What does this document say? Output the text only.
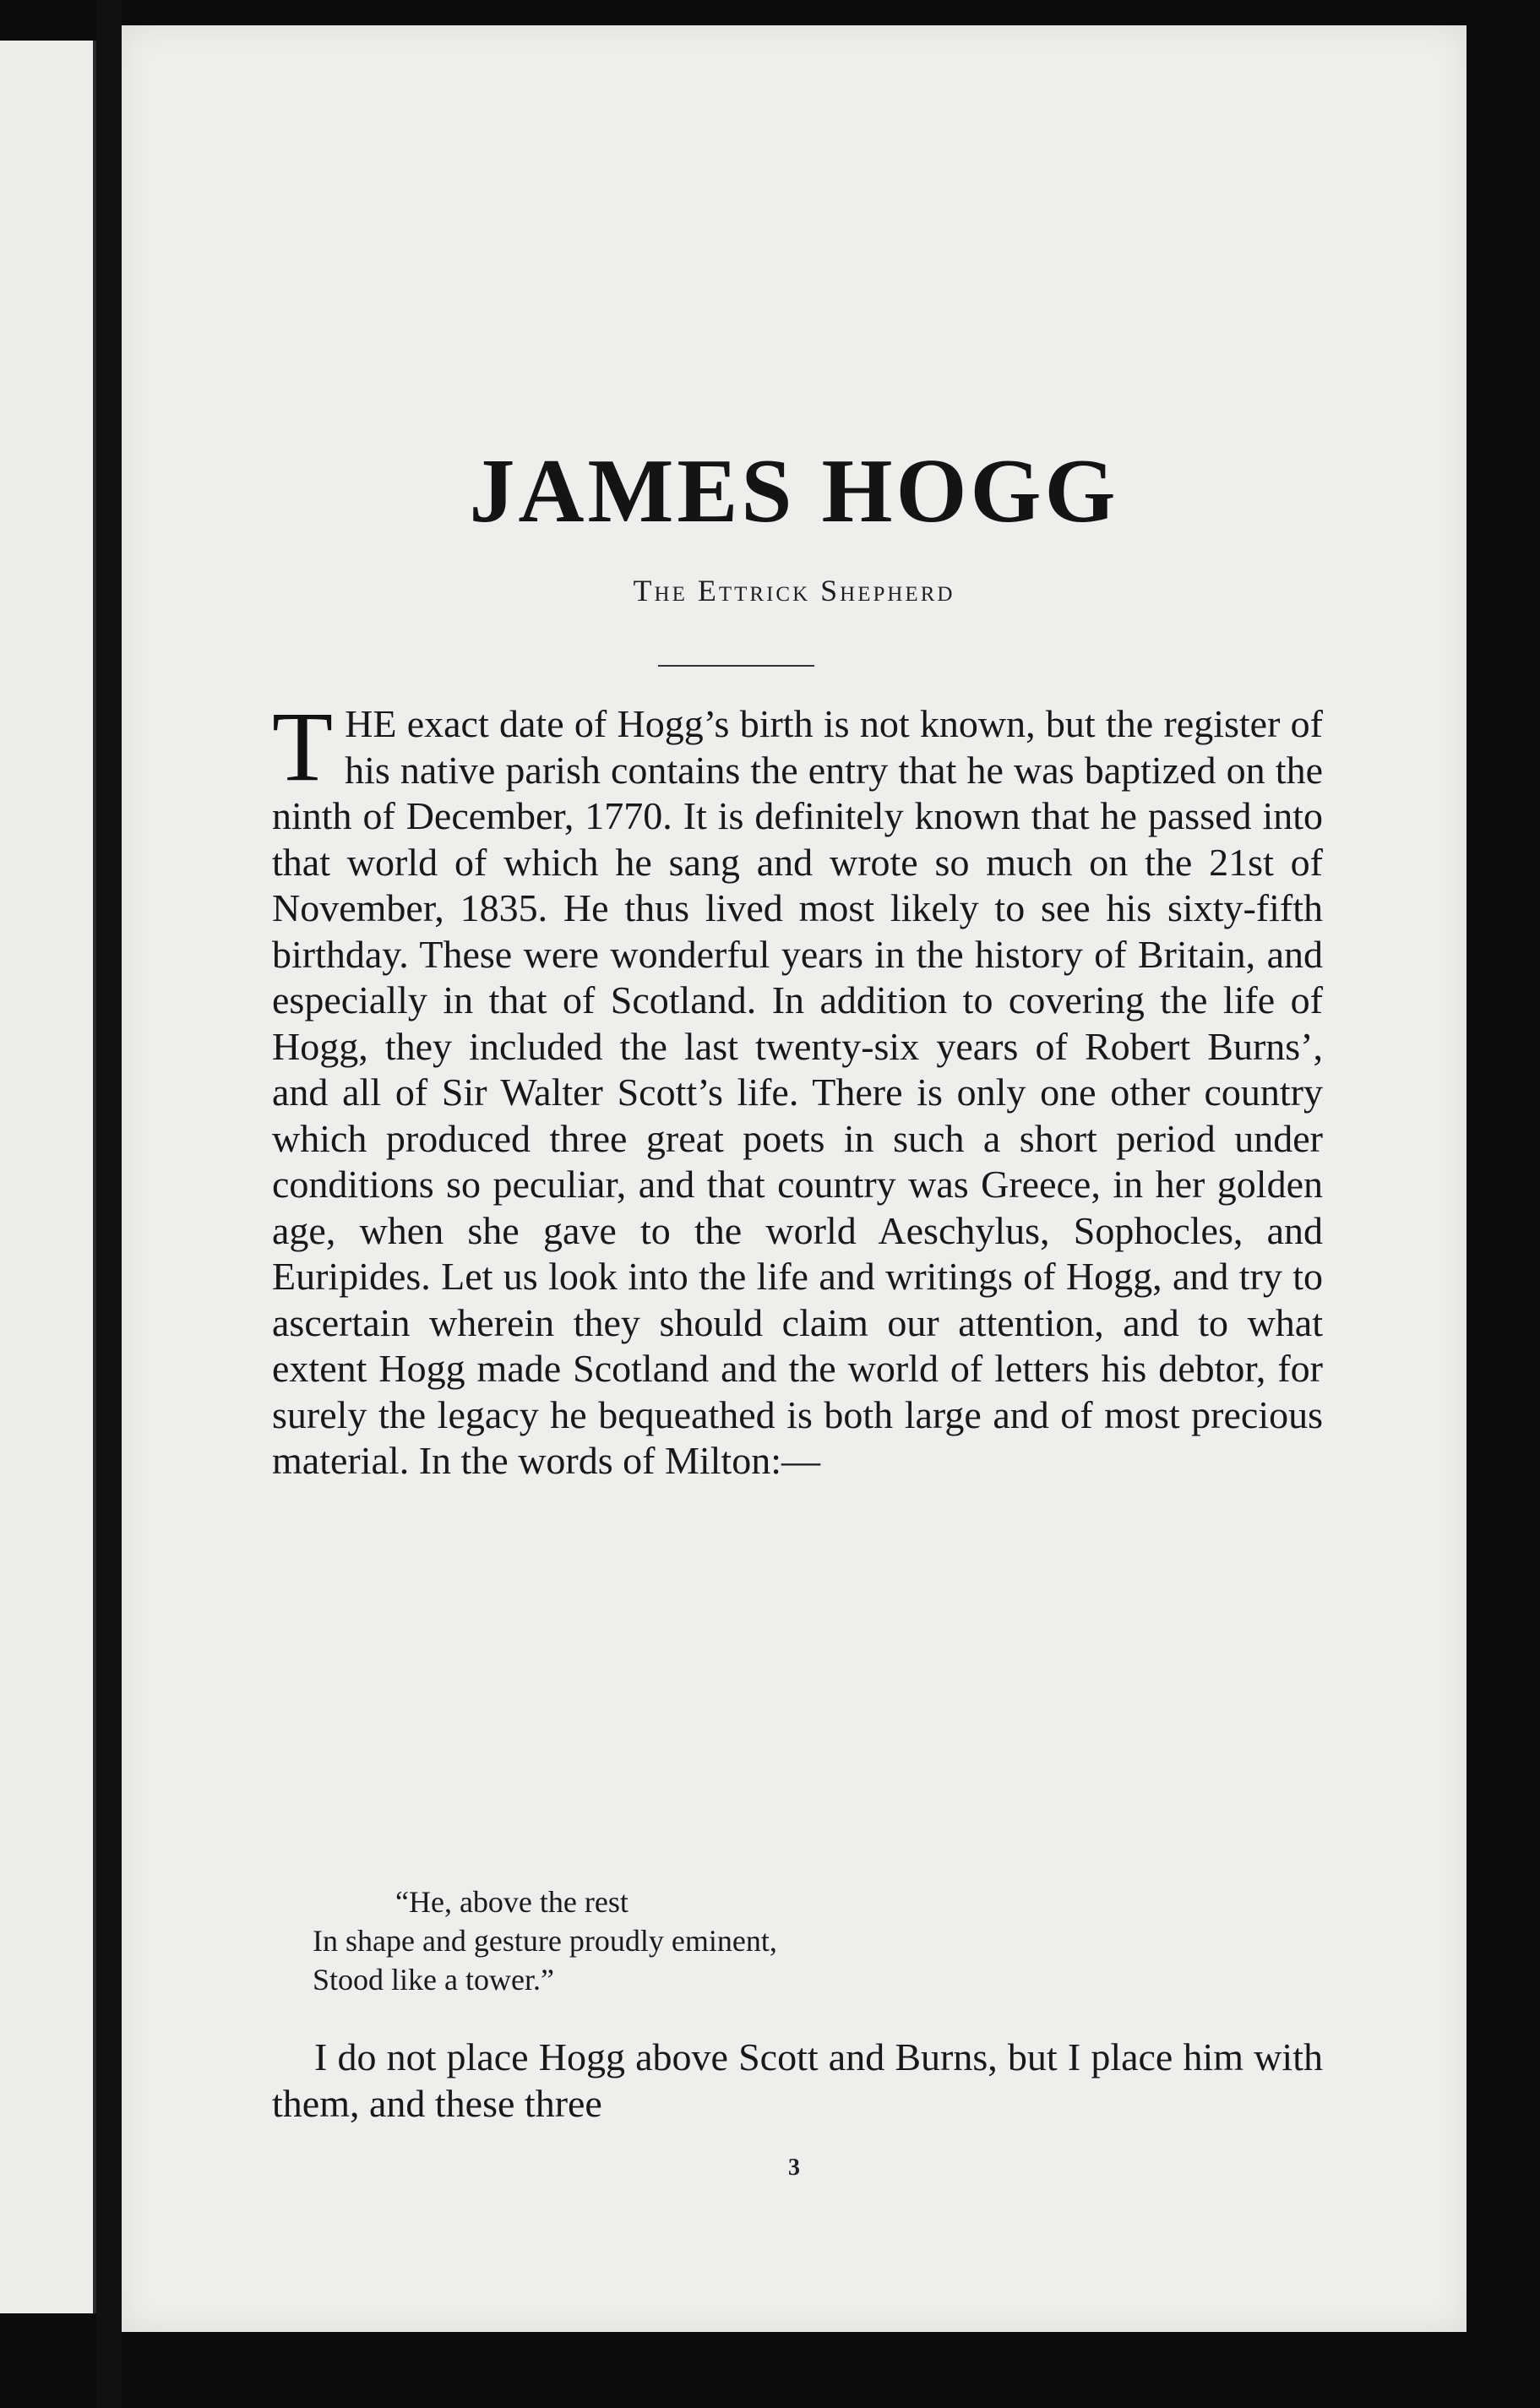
JAMES HOGG
The Ettrick Shepherd
THE exact date of Hogg’s birth is not known, but the register of his native parish contains the entry that he was baptized on the ninth of December, 1770. It is definitely known that he passed into that world of which he sang and wrote so much on the 21st of November, 1835. He thus lived most likely to see his sixty-fifth birthday. These were wonderful years in the history of Britain, and especially in that of Scotland. In addition to covering the life of Hogg, they included the last twenty-six years of Robert Burns’, and all of Sir Walter Scott’s life. There is only one other country which produced three great poets in such a short period under conditions so peculiar, and that country was Greece, in her golden age, when she gave to the world Aeschylus, Sophocles, and Euripides. Let us look into the life and writings of Hogg, and try to ascertain wherein they should claim our attention, and to what extent Hogg made Scotland and the world of letters his debtor, for surely the legacy he bequeathed is both large and of most precious material. In the words of Milton:—
“He, above the rest
In shape and gesture proudly eminent,
Stood like a tower.”
I do not place Hogg above Scott and Burns, but I place him with them, and these three
3
